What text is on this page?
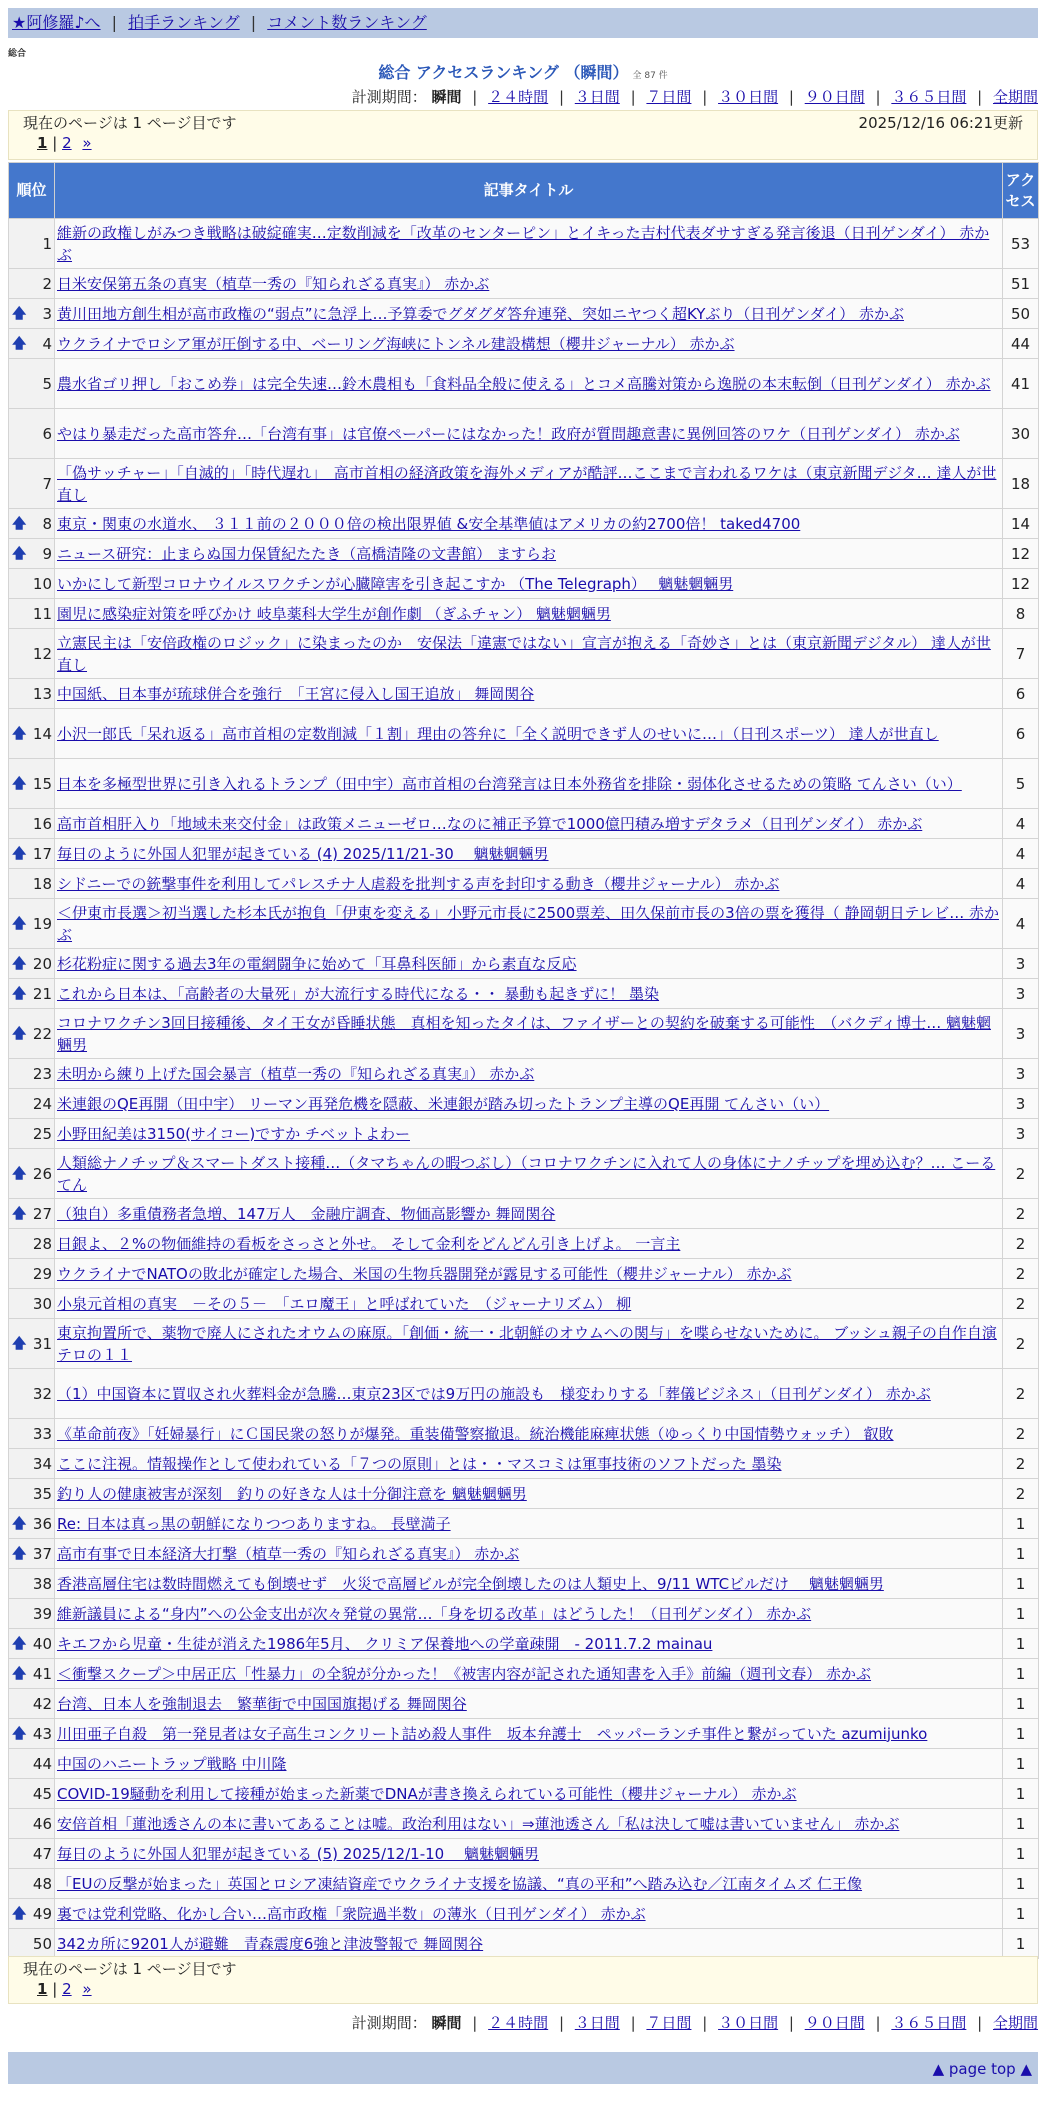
★阿修羅♪へ | 拍手ランキング | コメント数ランキング
総合
総合 アクセスランキング （瞬間） 全 87 件
計測期間： 瞬間 | ２４時間 | ３日間 | ７日間 | ３０日間 | ９０日間 | ３６５日間 | 全期間
現在のページは 1 ページ目です	2025/12/16 06:21更新
1 | 2 »
順位	記事タイトル	アクセス
1	維新の政権しがみつき戦略は破綻確実…定数削減を「改革のセンターピン」とイキった吉村代表ダサすぎる発言後退（日刊ゲンダイ） 赤かぶ	53
2	日米安保第五条の真実（植草一秀の『知られざる真実』） 赤かぶ	51

🡅 3	黄川田地方創生相が高市政権の“弱点”に急浮上…予算委でグダグダ答弁連発、突如ニヤつく超KYぶり（日刊ゲンダイ） 赤かぶ	50

🡅 4	ウクライナでロシア軍が圧倒する中、ベーリング海峡にトンネル建設構想（櫻井ジャーナル） 赤かぶ	44
5	農水省ゴリ押し「おこめ券」は完全失速…鈴木農相も「食料品全般に使える」とコメ高騰対策から逸脱の本末転倒（日刊ゲンダイ） 赤かぶ	41
6	やはり暴走だった高市答弁…「台湾有事」は官僚ペーパーにはなかった！政府が質問趣意書に異例回答のワケ（日刊ゲンダイ） 赤かぶ	30
7	「偽サッチャー」「自滅的」「時代遅れ」　高市首相の経済政策を海外メディアが酷評…ここまで言われるワケは（東京新聞デジタ… 達人が世直し	18

🡅 8	東京・関東の水道水、 ３１１前の２０００倍の検出限界値 &安全基準値はアメリカの約2700倍！ taked4700	14

🡅 9	ニュース研究：止まらぬ国力保賃紀たたき（高橋清隆の文書館） ますらお	12
10	いかにして新型コロナウイルスワクチンが心臓障害を引き起こすか （The Telegraph）　 魑魅魍魎男	12
11	園児に感染症対策を呼びかけ 岐阜薬科大学生が創作劇 （ぎふチャン） 魑魅魍魎男	8
12	立憲民主は「安倍政権のロジック」に染まったのか　安保法「違憲ではない」宣言が抱える「奇妙さ」とは（東京新聞デジタル） 達人が世直し	7
13	中国紙、日本事が琉球併合を強行　「王宮に侵入し国王追放」 舞岡関谷	6

🡅 14	小沢一郎氏「呆れ返る」高市首相の定数削減「１割」理由の答弁に「全く説明できず人のせいに…」（日刊スポーツ） 達人が世直し	6

🡅 15	日本を多極型世界に引き入れるトランプ（田中宇）高市首相の台湾発言は日本外務省を排除・弱体化させるための策略 てんさい（い）	5
16	高市首相肝入り「地域未来交付金」は政策メニューゼロ…なのに補正予算で1000億円積み増すデタラメ（日刊ゲンダイ） 赤かぶ	4

🡅 17	毎日のように外国人犯罪が起きている (4) 2025/11/21-30　 魑魅魍魎男	4
18	シドニーでの銃撃事件を利用してパレスチナ人虐殺を批判する声を封印する動き（櫻井ジャーナル） 赤かぶ	4

🡅 19	＜伊東市長選＞初当選した杉本氏が抱負「伊東を変える」小野元市長に2500票差、田久保前市長の3倍の票を獲得（ 静岡朝日テレビ… 赤かぶ	4

🡅 20	杉花粉症に関する過去3年の電網闘争に始めて「耳鼻科医師」から素直な反応	3

🡅 21	これから日本は、「高齢者の大量死」が大流行する時代になる・・ 暴動も起きずに！ 墨染	3

🡅 22	コロナワクチン3回目接種後、タイ王女が昏睡状態　真相を知ったタイは、ファイザーとの契約を破棄する可能性　（バクディ博士… 魑魅魍魎男	3
23	未明から練り上げた国会暴言（植草一秀の『知られざる真実』） 赤かぶ	3
24	米連銀のQE再開（田中宇） リーマン再発危機を隠蔽、米連銀が踏み切ったトランプ主導のQE再開 てんさい（い）	3
25	小野田紀美は3150(サイコー)ですか チベットよわー	3

🡅 26	人類総ナノチップ＆スマートダスト接種…（タマちゃんの暇つぶし）（コロナワクチンに入れて人の身体にナノチップを埋め込む？… こーるてん	2

🡅 27	（独自）多重債務者急増、147万人　金融庁調査、物価高影響か 舞岡関谷	2
28	日銀よ、２%の物価維持の看板をさっさと外せ。 そして金利をどんどん引き上げよ。 一言主	2
29	ウクライナでNATOの敗北が確定した場合、米国の生物兵器開発が露見する可能性（櫻井ジャーナル） 赤かぶ	2
30	小泉元首相の真実　－その５－　「エロ魔王」と呼ばれていた　（ジャーナリズム） 柳	2

🡅 31	東京拘置所で、薬物で廃人にされたオウムの麻原。「創価・統一・北朝鮮のオウムへの関与」を喋らせないために。 ブッシュ親子の自作自演テロの１１	2
32	（1）中国資本に買収され火葬料金が急騰…東京23区では9万円の施設も　様変わりする「葬儀ビジネス」（日刊ゲンダイ） 赤かぶ	2
33	《革命前夜》「妊婦暴行」にＣ国民衆の怒りが爆発。重装備警察撤退。統治機能麻痺状態（ゆっくり中国情勢ウォッチ） 叡敗	2
34	ここに注視。情報操作として使われている「７つの原則」とは・・マスコミは軍事技術のソフトだった 墨染	2
35	釣り人の健康被害が深刻　釣りの好きな人は十分御注意を 魑魅魍魎男	2

🡅 36	Re: 日本は真っ黒の朝鮮になりつつありますね。 長壁満子	1

🡅 37	高市有事で日本経済大打撃（植草一秀の『知られざる真実』） 赤かぶ	1
38	香港高層住宅は数時間燃えても倒壊せず　火災で高層ビルが完全倒壊したのは人類史上、9/11 WTCビルだけ　 魑魅魍魎男	1
39	維新議員による“身内”への公金支出が次々発覚の異常…「身を切る改革」はどうした！（日刊ゲンダイ） 赤かぶ	1

🡅 40	キエフから児童・生徒が消えた1986年5月、 クリミア保養地への学童疎開　- 2011.7.2 mainau	1

🡅 41	＜衝撃スクープ＞中居正広「性暴力」の全貌が分かった！《被害内容が記された通知書を入手》前編（週刊文春） 赤かぶ	1
42	台湾、日本人を強制退去　繁華街で中国国旗掲げる 舞岡関谷	1

🡅 43	川田亜子自殺　第一発見者は女子高生コンクリート詰め殺人事件　坂本弁護士　ペッパーランチ事件と繋がっていた azumijunko	1
44	中国のハニートラップ戦略 中川隆	1
45	COVID-19騒動を利用して接種が始まった新薬でDNAが書き換えられている可能性（櫻井ジャーナル） 赤かぶ	1
46	安倍首相「蓮池透さんの本に書いてあることは嘘。政治利用はない」⇒蓮池透さん「私は決して嘘は書いていません」 赤かぶ	1
47	毎日のように外国人犯罪が起きている (5) 2025/12/1-10　 魑魅魍魎男	1
48	「EUの反撃が始まった」英国とロシア凍結資産でウクライナ支援を協議、“真の平和”へ踏み込む／江南タイムズ 仁王像	1

🡅 49	裏では党利党略、化かし合い…高市政権「衆院過半数」の薄氷（日刊ゲンダイ） 赤かぶ	1
50	342カ所に9201人が避難　青森震度6強と津波警報で 舞岡関谷	1
現在のページは 1 ページ目です
1 | 2 »
計測期間： 瞬間 | ２４時間 | ３日間 | ７日間 | ３０日間 | ９０日間 | ３６５日間 | 全期間
▲ page top ▲
